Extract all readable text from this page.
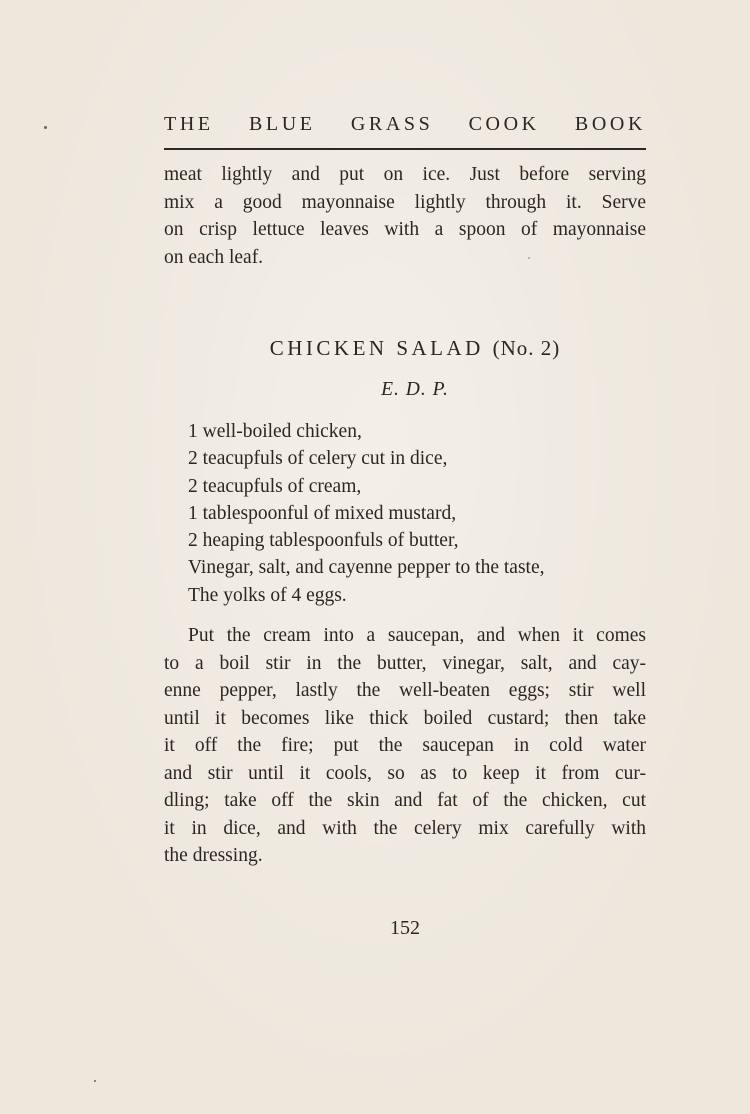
THE BLUE GRASS COOK BOOK
meat lightly and put on ice. Just before serving
mix a good mayonnaise lightly through it. Serve
on crisp lettuce leaves with a spoon of mayonnaise
on each leaf.
CHICKEN SALAD (No. 2)
E. D. P.
1 well-boiled chicken,
2 teacupfuls of celery cut in dice,
2 teacupfuls of cream,
1 tablespoonful of mixed mustard,
2 heaping tablespoonfuls of butter,
Vinegar, salt, and cayenne pepper to the taste,
The yolks of 4 eggs.
Put the cream into a saucepan, and when it comes
to a boil stir in the butter, vinegar, salt, and cay-
enne pepper, lastly the well-beaten eggs; stir well
until it becomes like thick boiled custard; then take
it off the fire; put the saucepan in cold water
and stir until it cools, so as to keep it from cur-
dling; take off the skin and fat of the chicken, cut
it in dice, and with the celery mix carefully with
the dressing.
152
